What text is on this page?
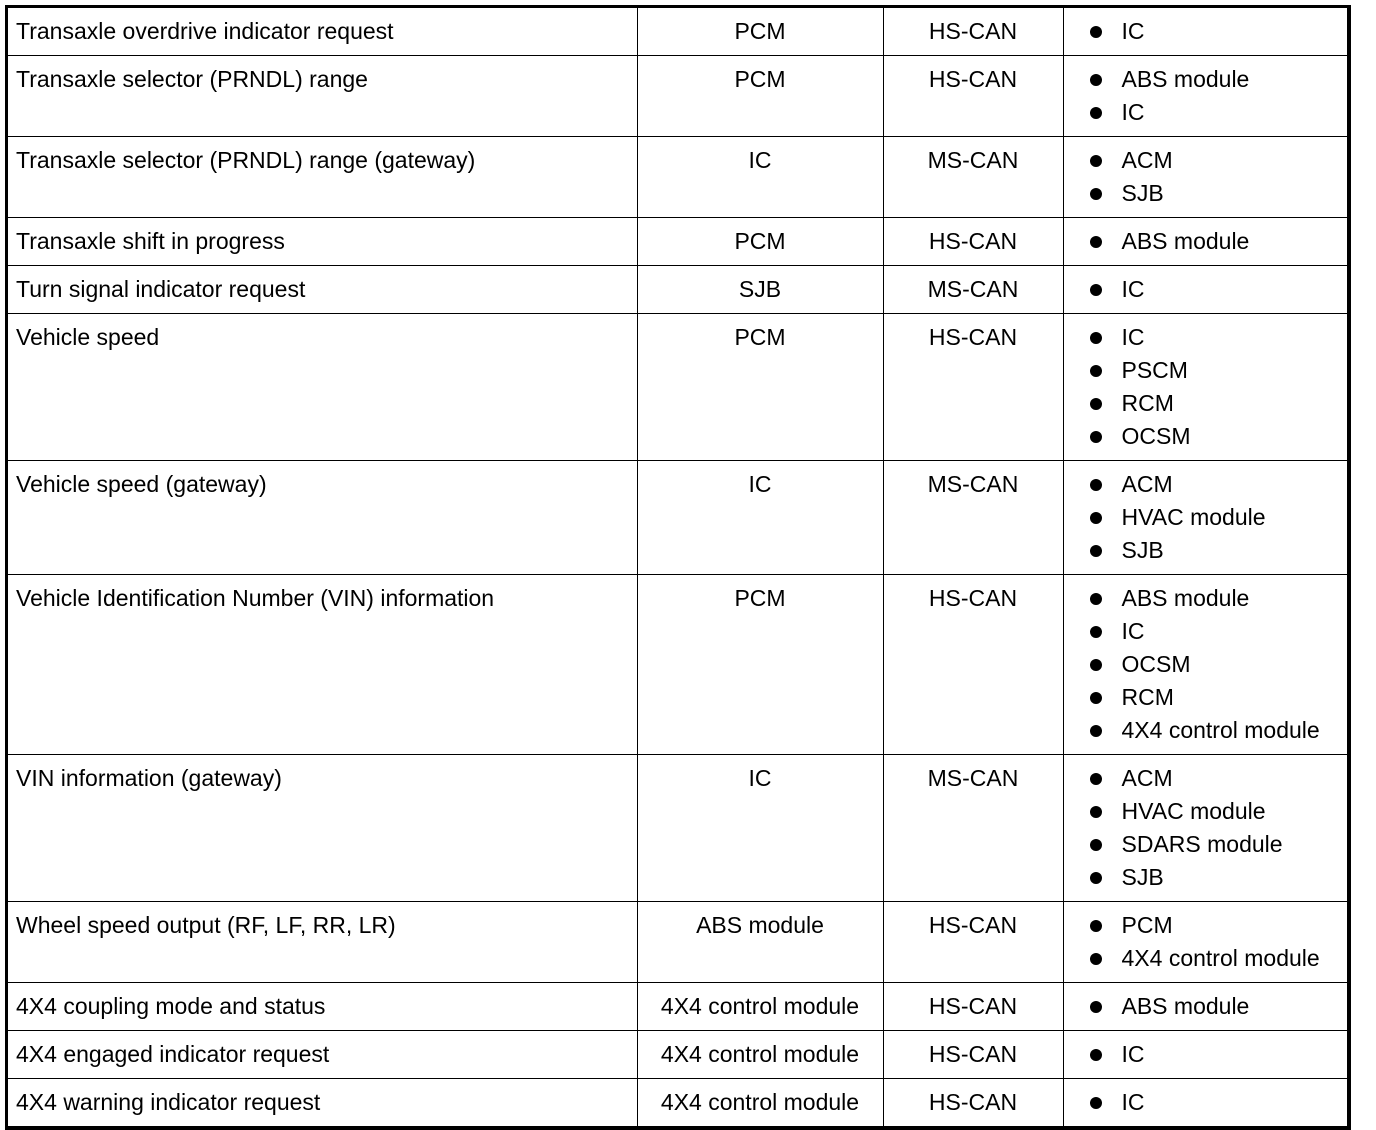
Transaxle overdrive indicator request	PCM	HS-CAN	IC

Transaxle selector (PRNDL) range	PCM	HS-CAN	ABS module
IC

Transaxle selector (PRNDL) range (gateway)	IC	MS-CAN	ACM
SJB

Transaxle shift in progress	PCM	HS-CAN	ABS module

Turn signal indicator request	SJB	MS-CAN	IC

Vehicle speed	PCM	HS-CAN	IC
PSCM
RCM
OCSM

Vehicle speed (gateway)	IC	MS-CAN	ACM
HVAC module
SJB

Vehicle Identification Number (VIN) information	PCM	HS-CAN	ABS module
IC
OCSM
RCM
4X4 control module

VIN information (gateway)	IC	MS-CAN	ACM
HVAC module
SDARS module
SJB

Wheel speed output (RF, LF, RR, LR)	ABS module	HS-CAN	PCM
4X4 control module

4X4 coupling mode and status	4X4 control module	HS-CAN	ABS module

4X4 engaged indicator request	4X4 control module	HS-CAN	IC

4X4 warning indicator request	4X4 control module	HS-CAN	IC
